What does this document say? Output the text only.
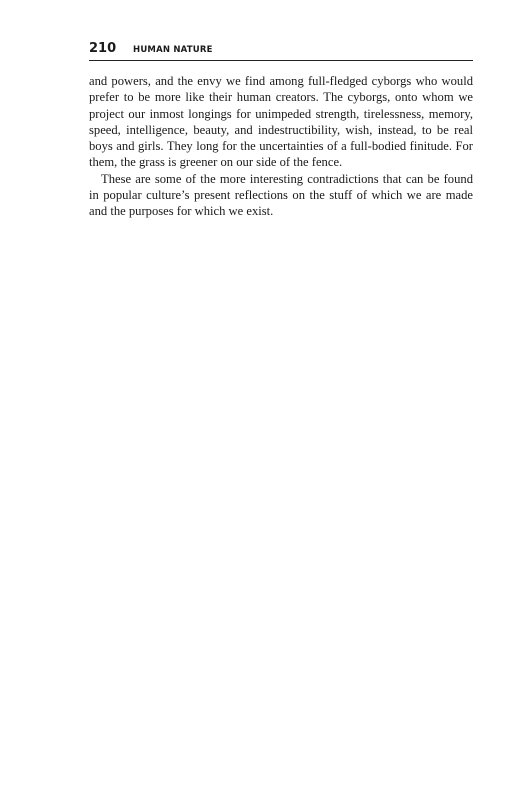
210 HUMAN NATURE

and powers, and the envy we find among full-fledged cyborgs who would prefer to be more like their human creators. The cyborgs, onto whom we project our inmost longings for unimpeded strength, tirelessness, memory, speed, intelligence, beauty, and indestructibility, wish, instead, to be real boys and girls. They long for the uncertainties of a full-bodied finitude. For them, the grass is greener on our side of the fence.

These are some of the more interesting contradictions that can be found in popular culture’s present reflections on the stuff of which we are made and the purposes for which we exist.
